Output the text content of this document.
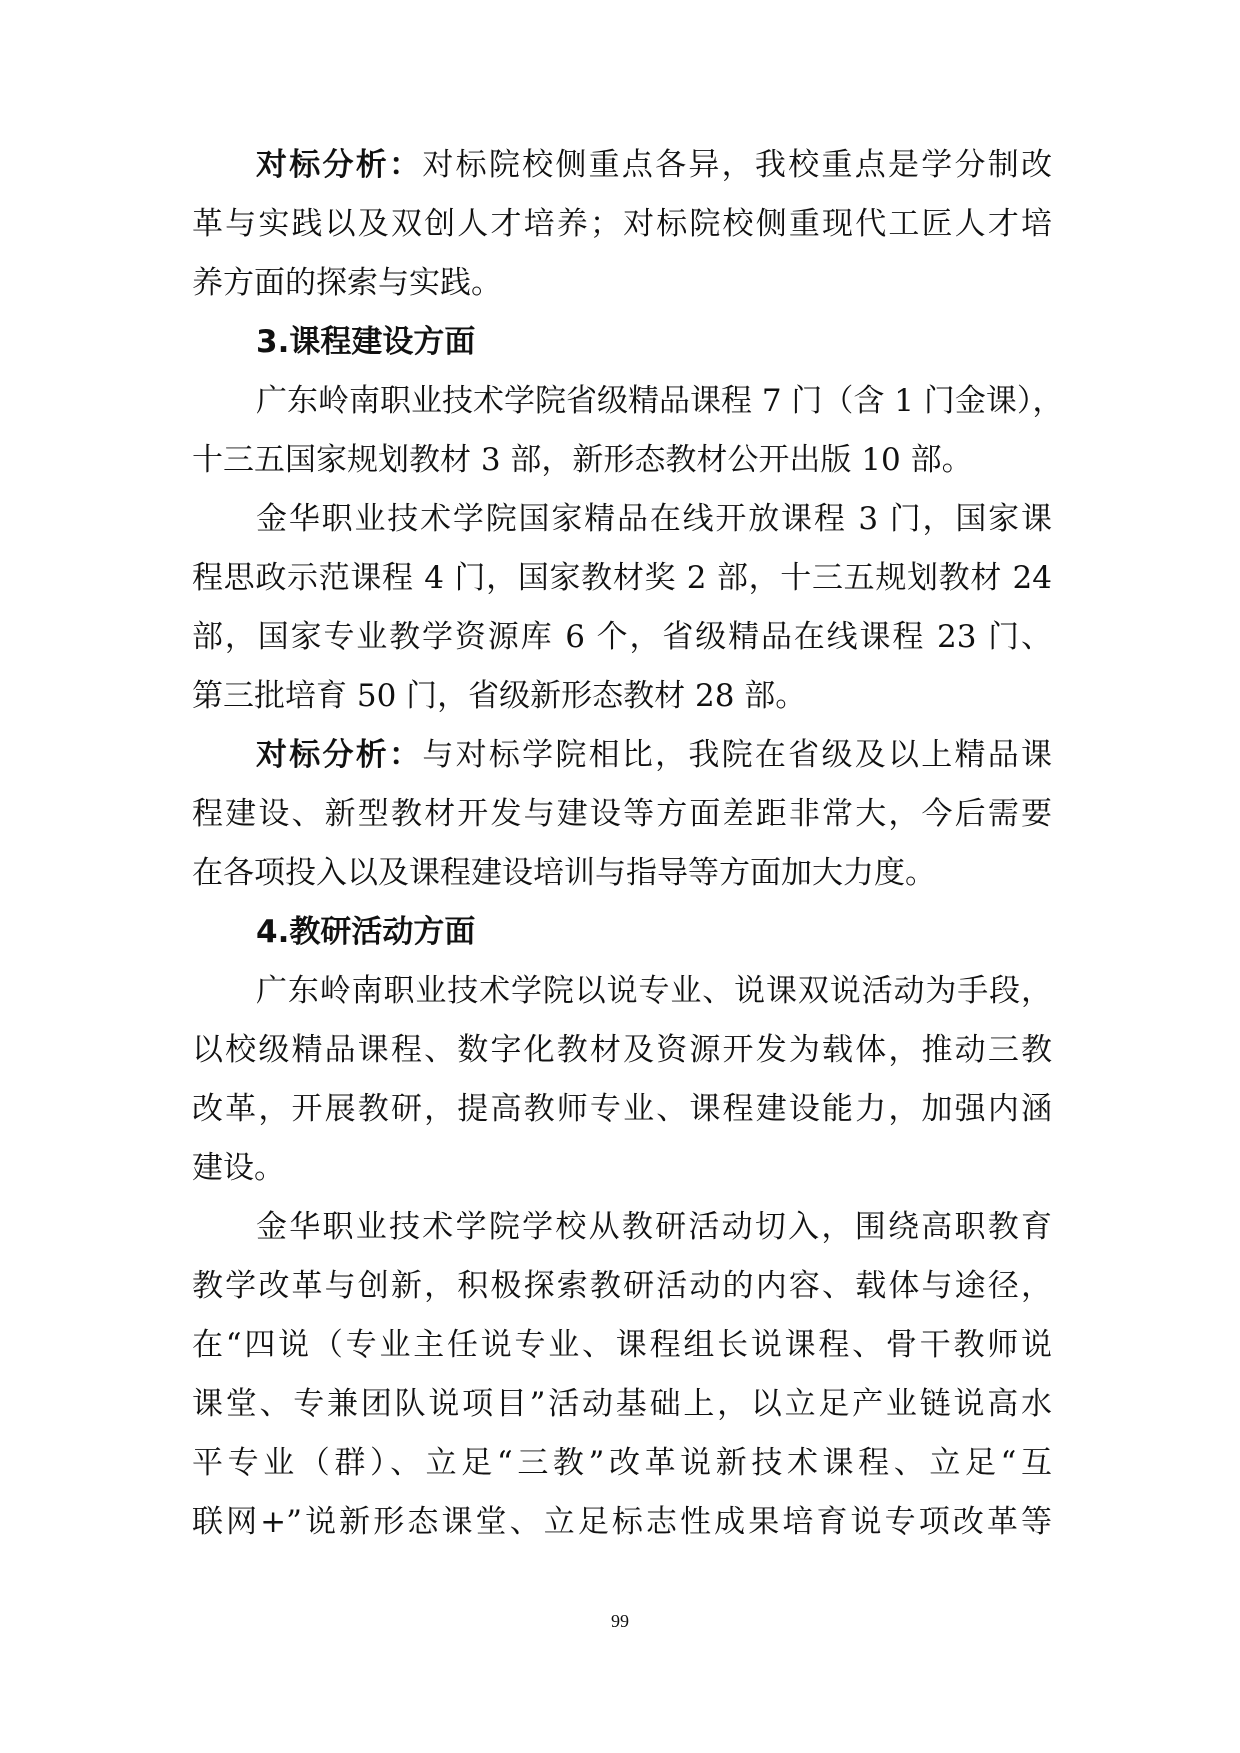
对标分析：对标院校侧重点各异，我校重点是学分制改
革与实践以及双创人才培养；对标院校侧重现代工匠人才培
养方面的探索与实践。
3.课程建设方面
广东岭南职业技术学院省级精品课程 7 门（含 1 门金课），
十三五国家规划教材 3 部，新形态教材公开出版 10 部。
金华职业技术学院国家精品在线开放课程 3 门，国家课
程思政示范课程 4 门，国家教材奖 2 部，十三五规划教材 24
部，国家专业教学资源库 6 个，省级精品在线课程 23 门、
第三批培育 50 门，省级新形态教材 28 部。
对标分析：与对标学院相比，我院在省级及以上精品课
程建设、新型教材开发与建设等方面差距非常大，今后需要
在各项投入以及课程建设培训与指导等方面加大力度。
4.教研活动方面
广东岭南职业技术学院以说专业、说课双说活动为手段，
以校级精品课程、数字化教材及资源开发为载体，推动三教
改革，开展教研，提高教师专业、课程建设能力，加强内涵
建设。
金华职业技术学院学校从教研活动切入，围绕高职教育
教学改革与创新，积极探索教研活动的内容、载体与途径，
在“四说（专业主任说专业、课程组长说课程、骨干教师说
课堂、专兼团队说项目”活动基础上，以立足产业链说高水
平专业（群）、立足“三教”改革说新技术课程、立足“互
联网+”说新形态课堂、立足标志性成果培育说专项改革等
99
